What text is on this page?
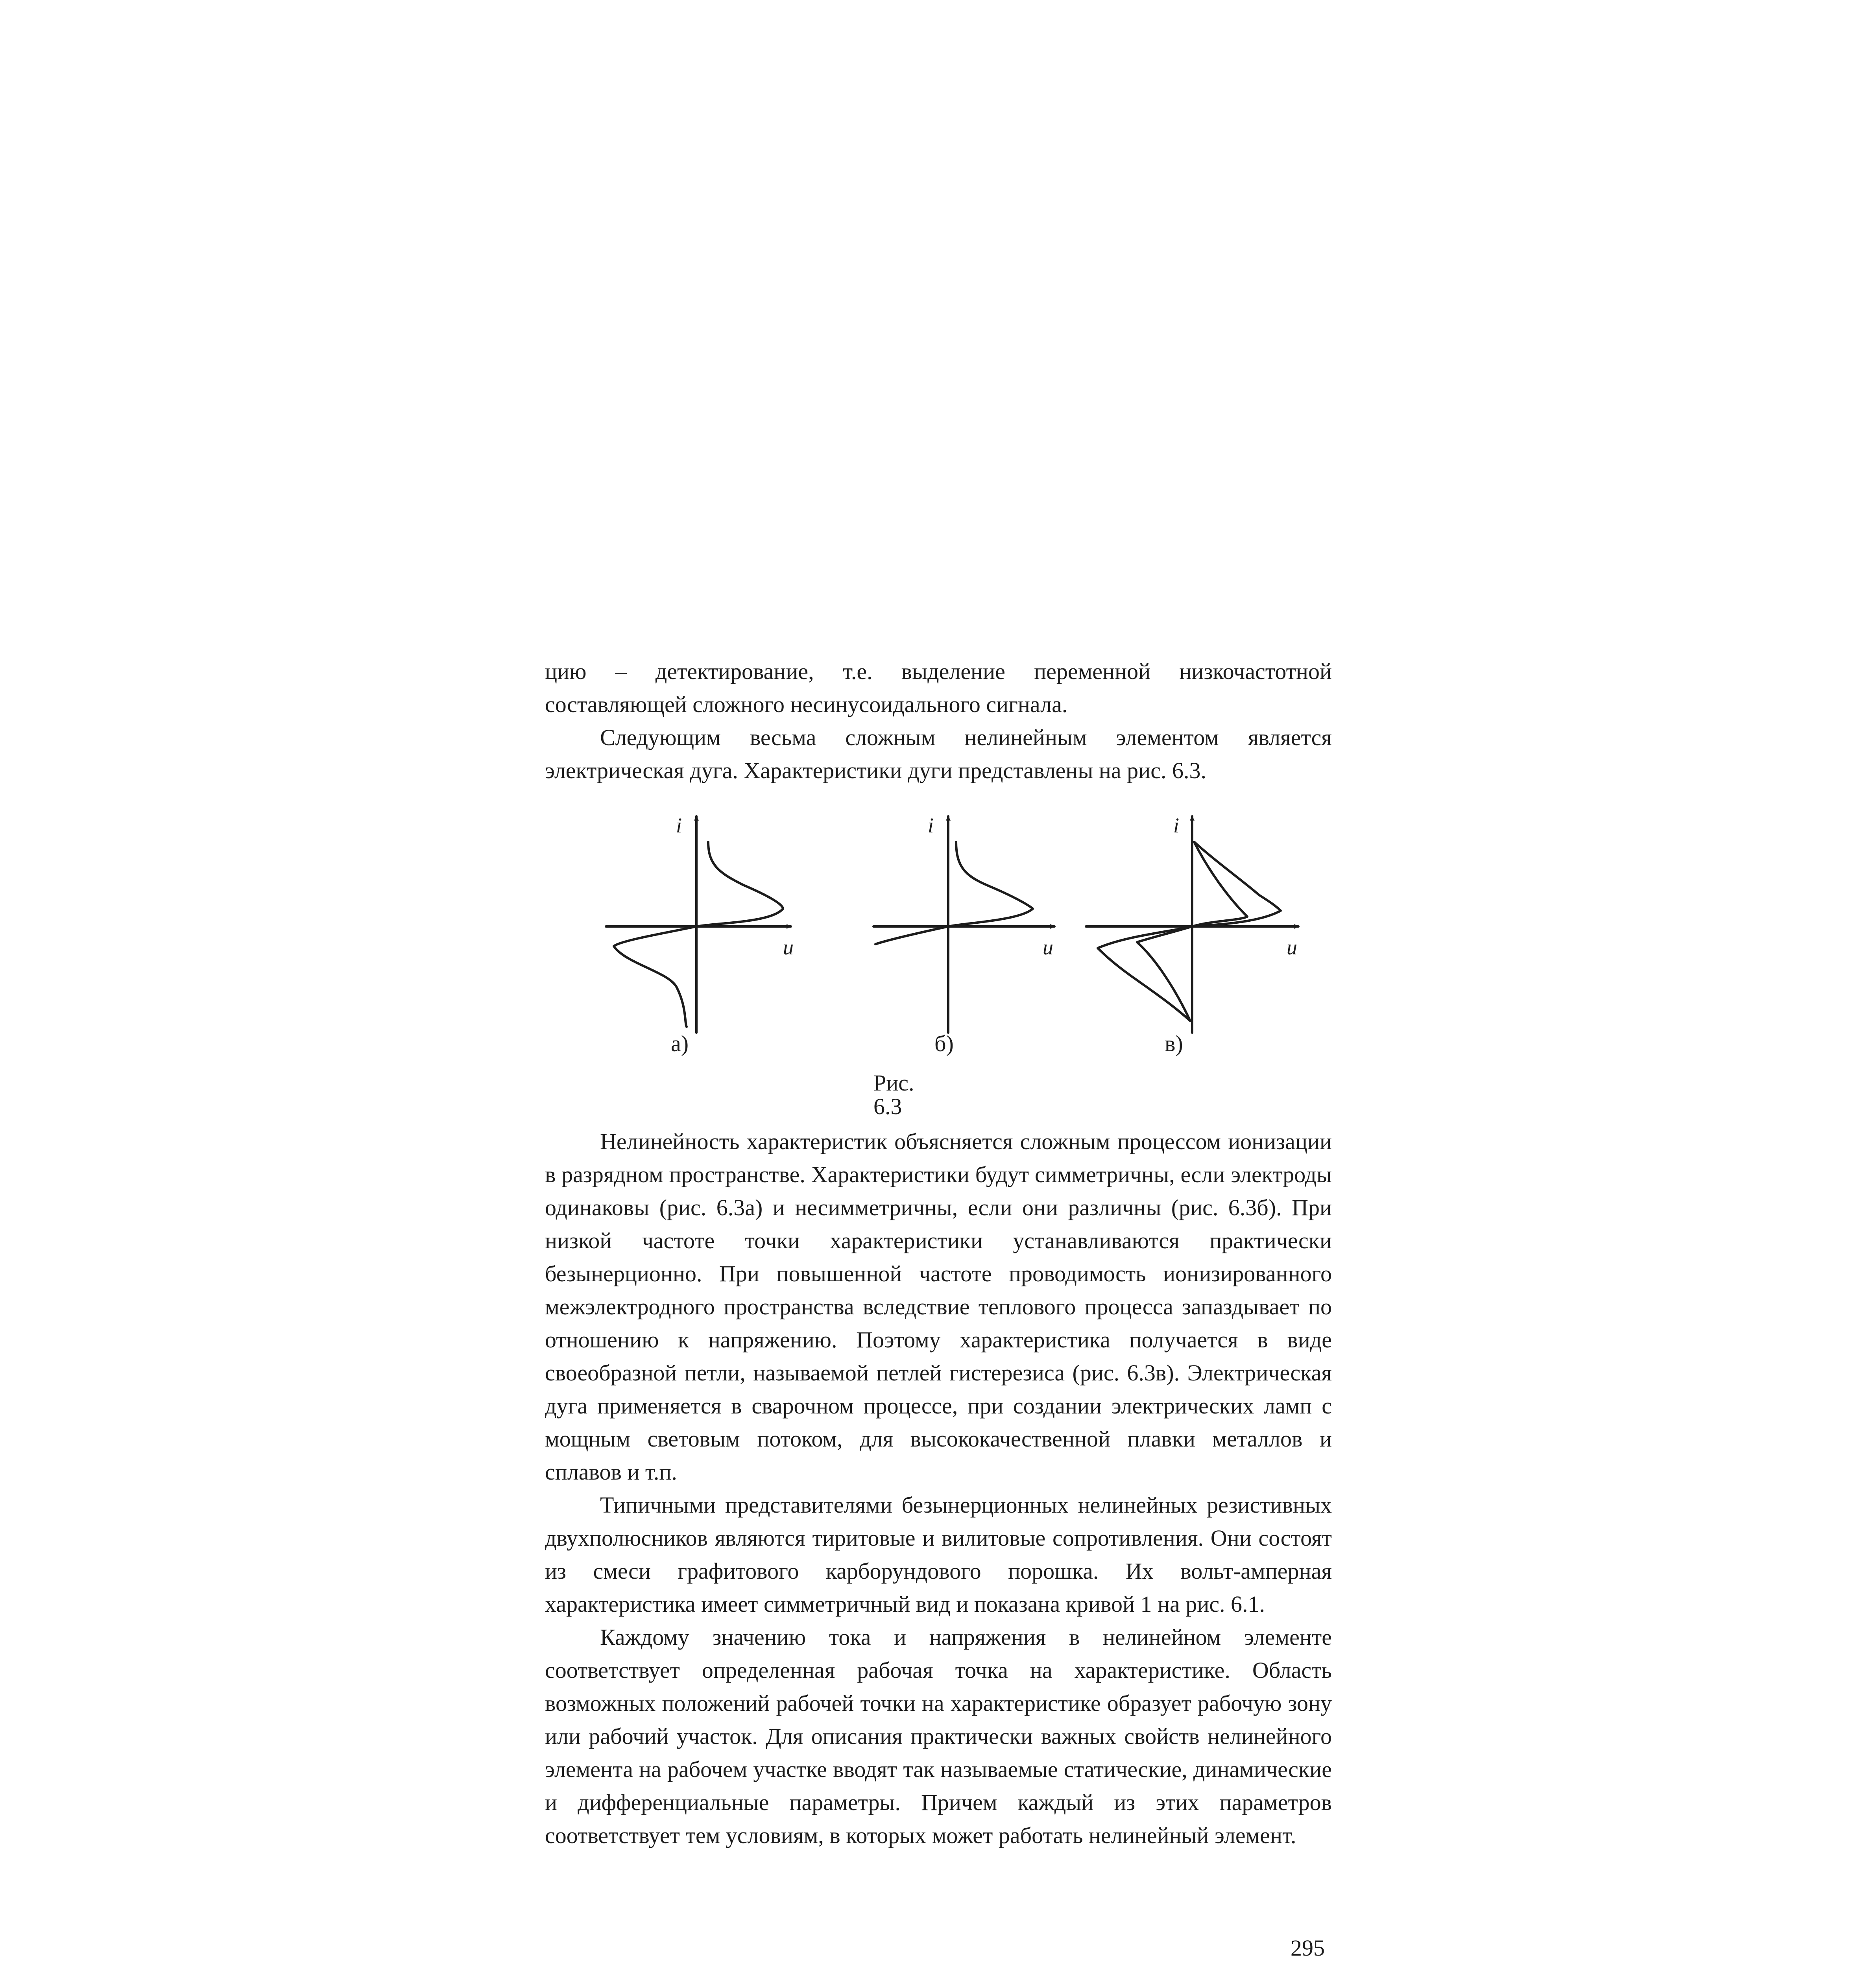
цию – детектирование, т.е. выделение переменной низкочастотной составляющей сложного несинусоидального сигнала.

Следующим весьма сложным нелинейным элементом является электрическая дуга. Характеристики дуги представлены на рис. 6.3.

i
u
i
u
i
u
а)	б)	в)
Рис. 6.3

Нелинейность характеристик объясняется сложным процессом ионизации в разрядном пространстве. Характеристики будут симметричны, если электроды одинаковы (рис. 6.3а) и несимметричны, если они различны (рис. 6.3б). При низкой частоте точки характеристики устанавливаются практически безынерционно. При повышенной частоте проводимость ионизированного межэлектродного пространства вследствие теплового процесса запаздывает по отношению к напряжению. Поэтому характеристика получается в виде своеобразной петли, называемой петлей гистерезиса (рис. 6.3в). Электрическая дуга применяется в сварочном процессе, при создании электрических ламп с мощным световым потоком, для высококачественной плавки металлов и сплавов и т.п.

Типичными представителями безынерционных нелинейных резистивных двухполюсников являются тиритовые и вилитовые сопротивления. Они состоят из смеси графитового карборундового порошка. Их вольт-амперная характеристика имеет симметричный вид и показана кривой 1 на рис. 6.1.

Каждому значению тока и напряжения в нелинейном элементе соответствует определенная рабочая точка на характеристике. Область возможных положений рабочей точки на характеристике образует рабочую зону или рабочий участок. Для описания практически важных свойств нелинейного элемента на рабочем участке вводят так называемые статические, динамические и дифференциальные параметры. Причем каждый из этих параметров соответствует тем условиям, в которых может работать нелинейный элемент.

295
